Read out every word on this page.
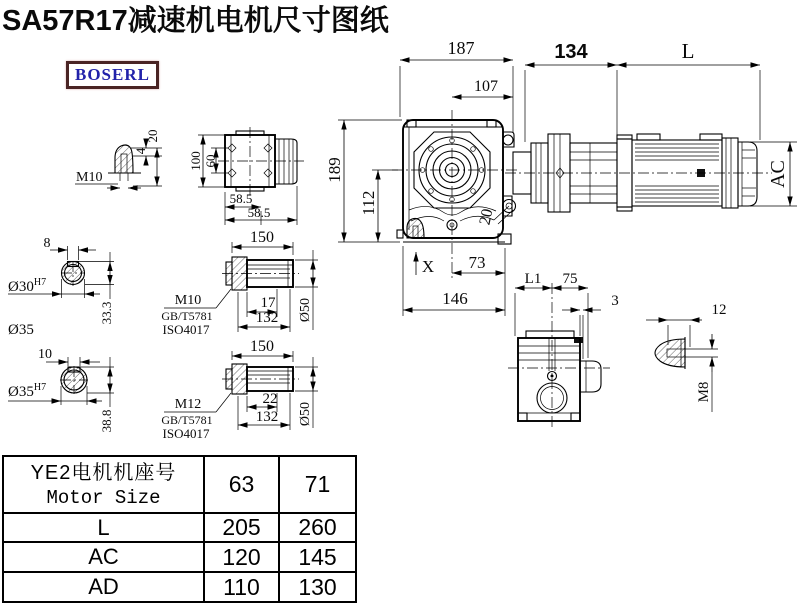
SA57R17减速机电机尺寸图纸
BOSERL
187
107
134	L
AC
20
X
189
112
73
146
M10
4
20
100 60
58.5
58.5
8
$Ø30^{H7}$
33.3
Ø35
10
$Ø35^{H7}$
38.8
150
17
132 Ø50
M10
GB/T5781
ISO4017
150
22
132 Ø50
M12
GB/T5781
ISO4017
L1 75
3
12
M8
YE2电机机座号
Motor Size	63	71
L	205	260
AC	120	145
AD	110	130
